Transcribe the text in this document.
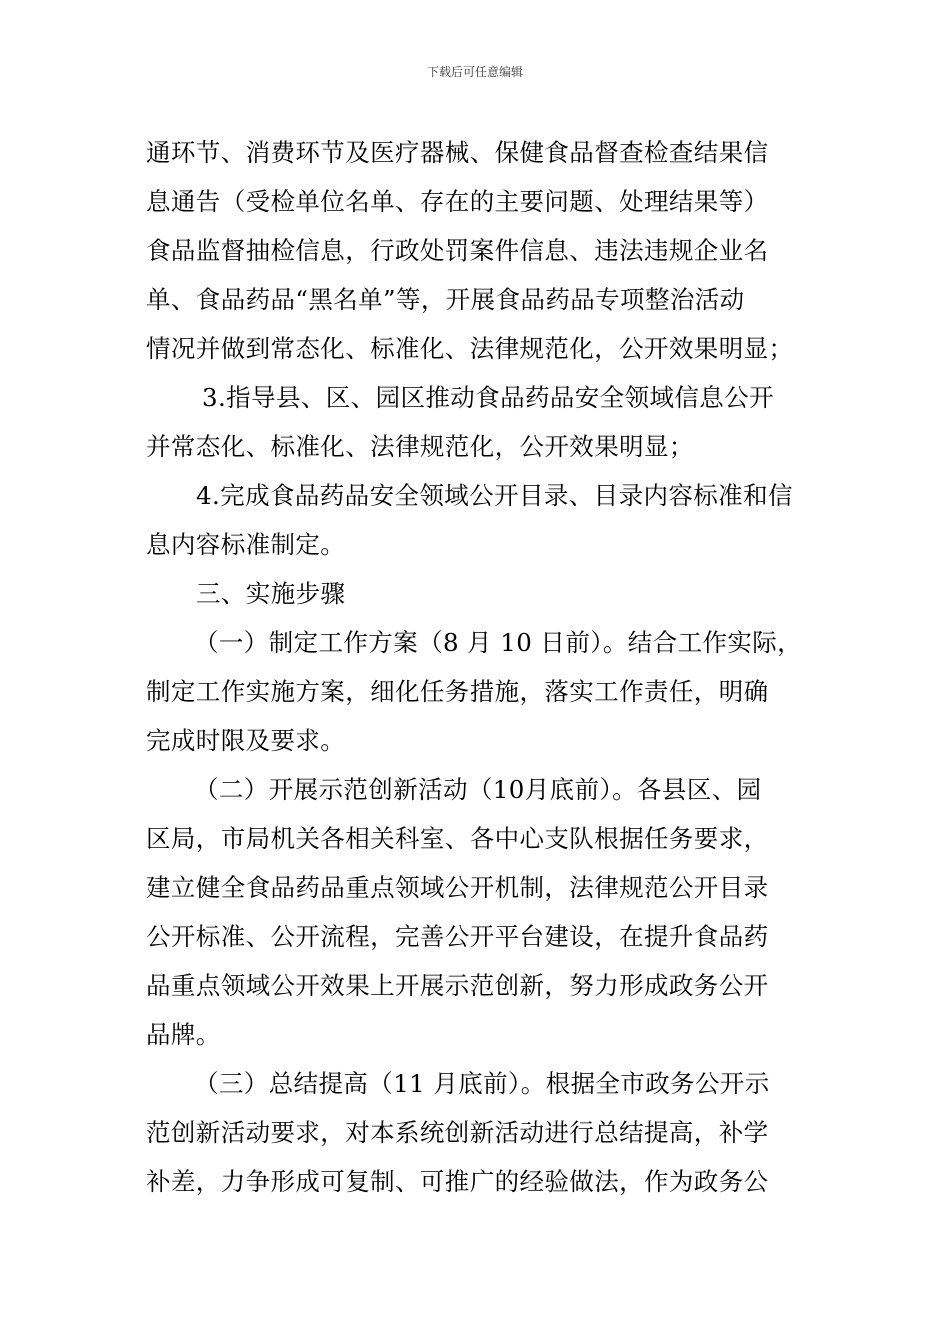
下载后可任意编辑
通环节、消费环节及医疗器械、保健食品督查检查结果信
息通告（受检单位名单、存在的主要问题、处理结果等）
食品监督抽检信息，行政处罚案件信息、违法违规企业名
单、食品药品“黑名单”等，开展食品药品专项整治活动
情况并做到常态化、标准化、法律规范化，公开效果明显；
3.指导县、区、园区推动食品药品安全领域信息公开
并常态化、标准化、法律规范化，公开效果明显；
4.完成食品药品安全领域公开目录、目录内容标准和信
息内容标准制定。
三、实施步骤
（一）制定工作方案（8 月 10 日前）。结合工作实际，
制定工作实施方案，细化任务措施，落实工作责任，明确
完成时限及要求。
（二）开展示范创新活动（10月底前）。各县区、园
区局，市局机关各相关科室、各中心支队根据任务要求，
建立健全食品药品重点领域公开机制，法律规范公开目录
公开标准、公开流程，完善公开平台建设，在提升食品药
品重点领域公开效果上开展示范创新，努力形成政务公开
品牌。
（三）总结提高（11 月底前）。根据全市政务公开示
范创新活动要求，对本系统创新活动进行总结提高，补学
补差，力争形成可复制、可推广的经验做法，作为政务公
